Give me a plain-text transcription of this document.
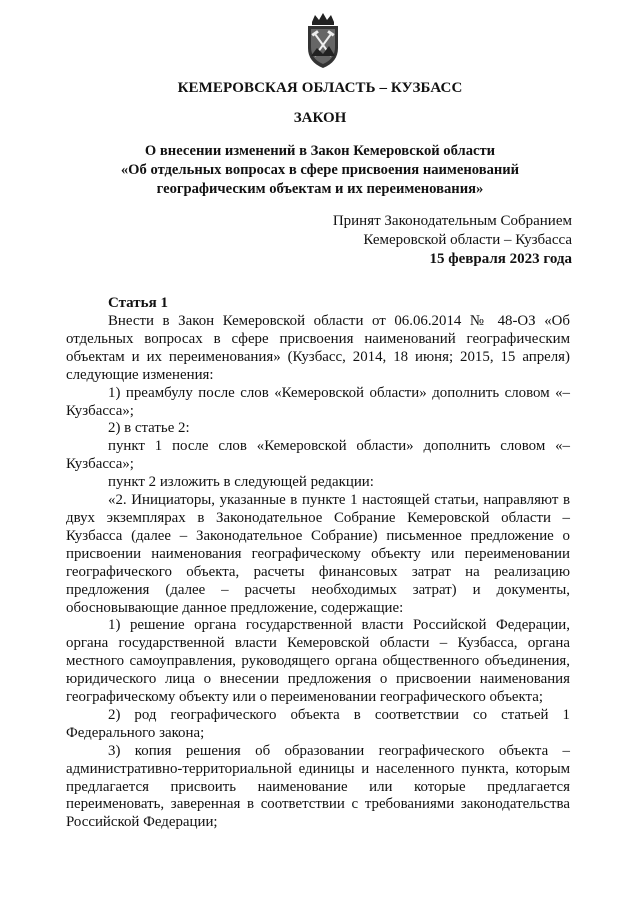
КЕМЕРОВСКАЯ ОБЛАСТЬ – КУЗБАСС
ЗАКОН
О внесении изменений в Закон Кемеровской области
«Об отдельных вопросах в сфере присвоения наименований
географическим объектам и их переименования»
Принят Законодательным Собранием
Кемеровской области – Кузбасса
15 февраля 2023 года
Статья 1

Внести в Закон Кемеровской области от 06.06.2014 № 48-ОЗ «Об отдельных вопросах в сфере присвоения наименований географическим объектам и их переименования» (Кузбасс, 2014, 18 июня; 2015, 15 апреля) следующие изменения:

1) преамбулу после слов «Кемеровской области» дополнить словом «– Кузбасса»;

2) в статье 2:

пункт 1 после слов «Кемеровской области» дополнить словом «– Кузбасса»;

пункт 2 изложить в следующей редакции:

«2. Инициаторы, указанные в пункте 1 настоящей статьи, направляют в двух экземплярах в Законодательное Собрание Кемеровской области – Кузбасса (далее – Законодательное Собрание) письменное предложение о присвоении наименования географическому объекту или переименовании географического объекта, расчеты финансовых затрат на реализацию предложения (далее – расчеты необходимых затрат) и документы, обосновывающие данное предложение, содержащие:

1) решение органа государственной власти Российской Федерации, органа государственной власти Кемеровской области – Кузбасса, органа местного самоуправления, руководящего органа общественного объединения, юридического лица о внесении предложения о присвоении наименования географическому объекту или о переименовании географического объекта;

2) род географического объекта в соответствии со статьей 1 Федерального закона;

3) копия решения об образовании географического объекта – административно-территориальной единицы и населенного пункта, которым предлагается присвоить наименование или которые предлагается переименовать, заверенная в соответствии с требованиями законодательства Российской Федерации;
